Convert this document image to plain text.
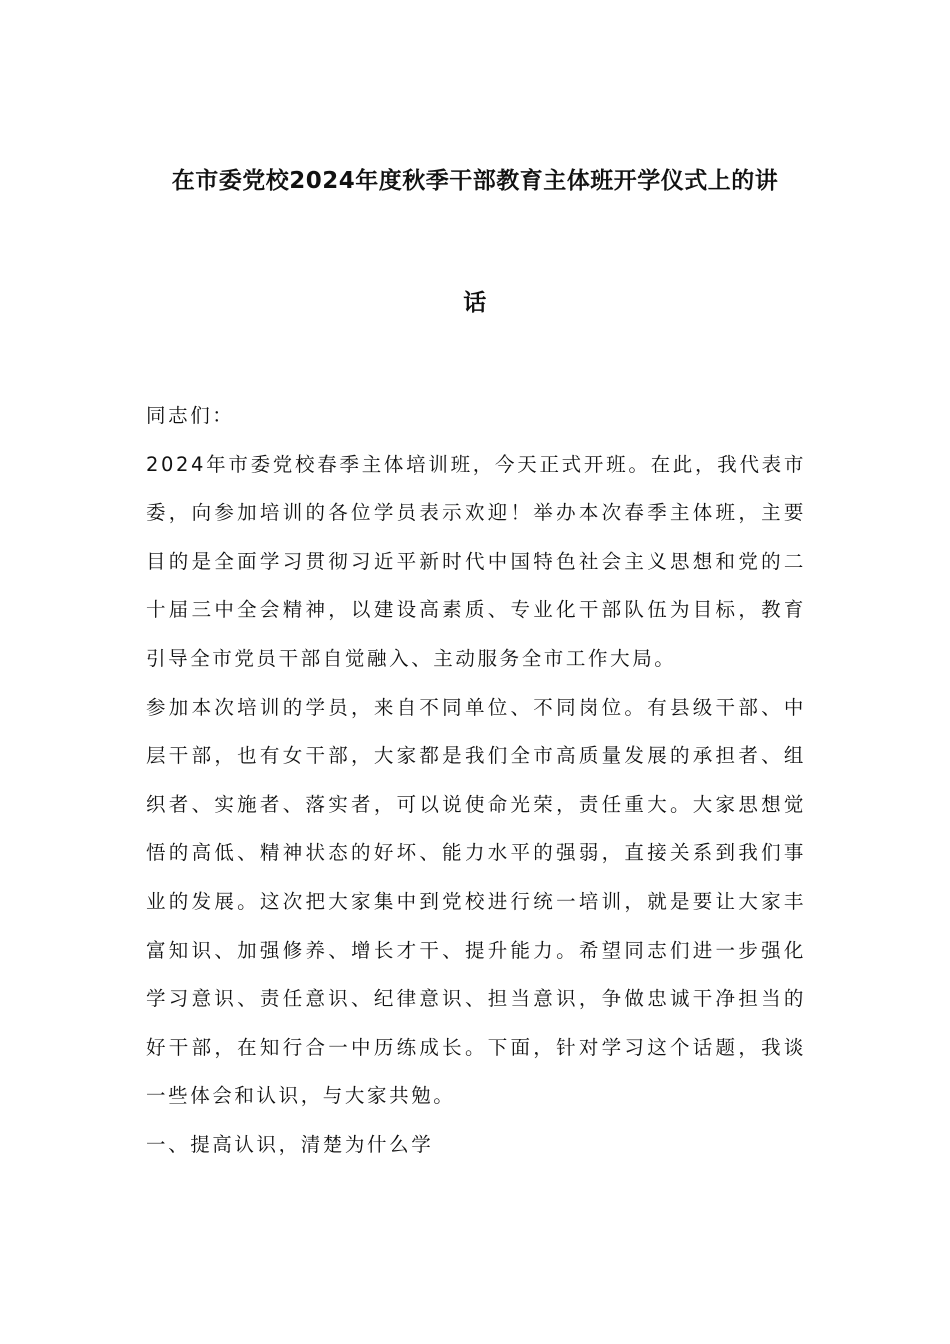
在市委党校2024年度秋季干部教育主体班开学仪式上的讲
话

同志们：

2024年市委党校春季主体培训班，今天正式开班。在此，我代表市委，向参加培训的各位学员表示欢迎！举办本次春季主体班，主要目的是全面学习贯彻习近平新时代中国特色社会主义思想和党的二十届三中全会精神，以建设高素质、专业化干部队伍为目标，教育引导全市党员干部自觉融入、主动服务全市工作大局。

参加本次培训的学员，来自不同单位、不同岗位。有县级干部、中层干部，也有女干部，大家都是我们全市高质量发展的承担者、组织者、实施者、落实者，可以说使命光荣，责任重大。大家思想觉悟的高低、精神状态的好坏、能力水平的强弱，直接关系到我们事业的发展。这次把大家集中到党校进行统一培训，就是要让大家丰富知识、加强修养、增长才干、提升能力。希望同志们进一步强化学习意识、责任意识、纪律意识、担当意识，争做忠诚干净担当的好干部，在知行合一中历练成长。下面，针对学习这个话题，我谈一些体会和认识，与大家共勉。

一、提高认识，清楚为什么学
